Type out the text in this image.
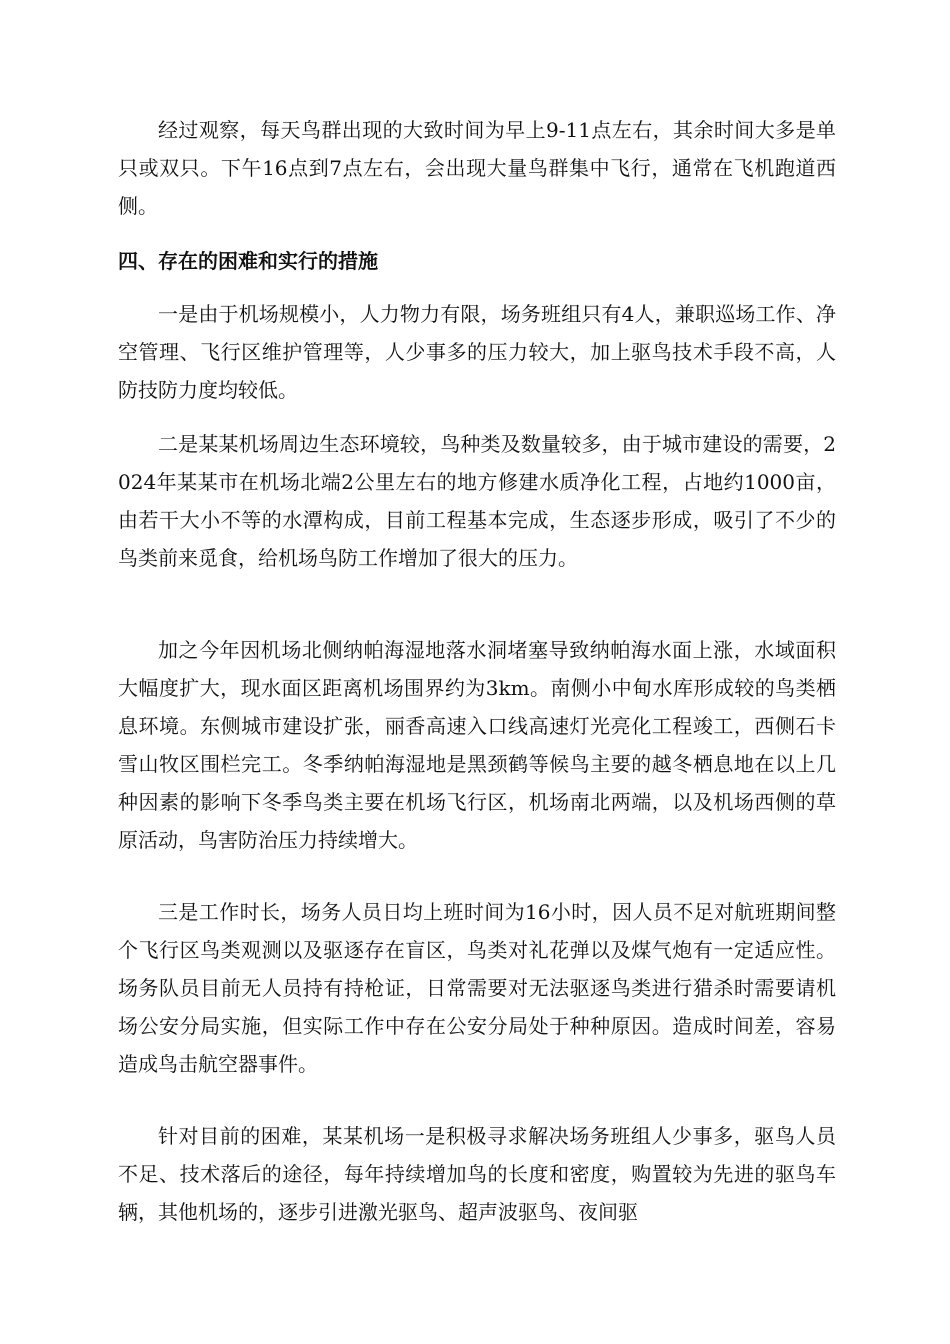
经过观察，每天鸟群出现的大致时间为早上9-11点左右，其余时间大多是单只或双只。下午16点到7点左右，会出现大量鸟群集中飞行，通常在飞机跑道西侧。

四、存在的困难和实行的措施

一是由于机场规模小，人力物力有限，场务班组只有4人，兼职巡场工作、净空管理、飞行区维护管理等，人少事多的压力较大，加上驱鸟技术手段不高，人防技防力度均较低。

二是某某机场周边生态环境较，鸟种类及数量较多，由于城市建设的需要，2024年某某市在机场北端2公里左右的地方修建水质净化工程，占地约1000亩，由若干大小不等的水潭构成，目前工程基本完成，生态逐步形成，吸引了不少的鸟类前来觅食，给机场鸟防工作增加了很大的压力。

加之今年因机场北侧纳帕海湿地落水洞堵塞导致纳帕海水面上涨，水域面积大幅度扩大，现水面区距离机场围界约为3km。南侧小中甸水库形成较的鸟类栖息环境。东侧城市建设扩张，丽香高速入口线高速灯光亮化工程竣工，西侧石卡雪山牧区围栏完工。冬季纳帕海湿地是黑颈鹤等候鸟主要的越冬栖息地在以上几种因素的影响下冬季鸟类主要在机场飞行区，机场南北两端，以及机场西侧的草原活动，鸟害防治压力持续增大。

三是工作时长，场务人员日均上班时间为16小时，因人员不足对航班期间整个飞行区鸟类观测以及驱逐存在盲区，鸟类对礼花弹以及煤气炮有一定适应性。场务队员目前无人员持有持枪证，日常需要对无法驱逐鸟类进行猎杀时需要请机场公安分局实施，但实际工作中存在公安分局处于种种原因。造成时间差，容易造成鸟击航空器事件。

针对目前的困难，某某机场一是积极寻求解决场务班组人少事多，驱鸟人员不足、技术落后的途径，每年持续增加鸟的长度和密度，购置较为先进的驱鸟车辆，其他机场的，逐步引进激光驱鸟、超声波驱鸟、夜间驱
